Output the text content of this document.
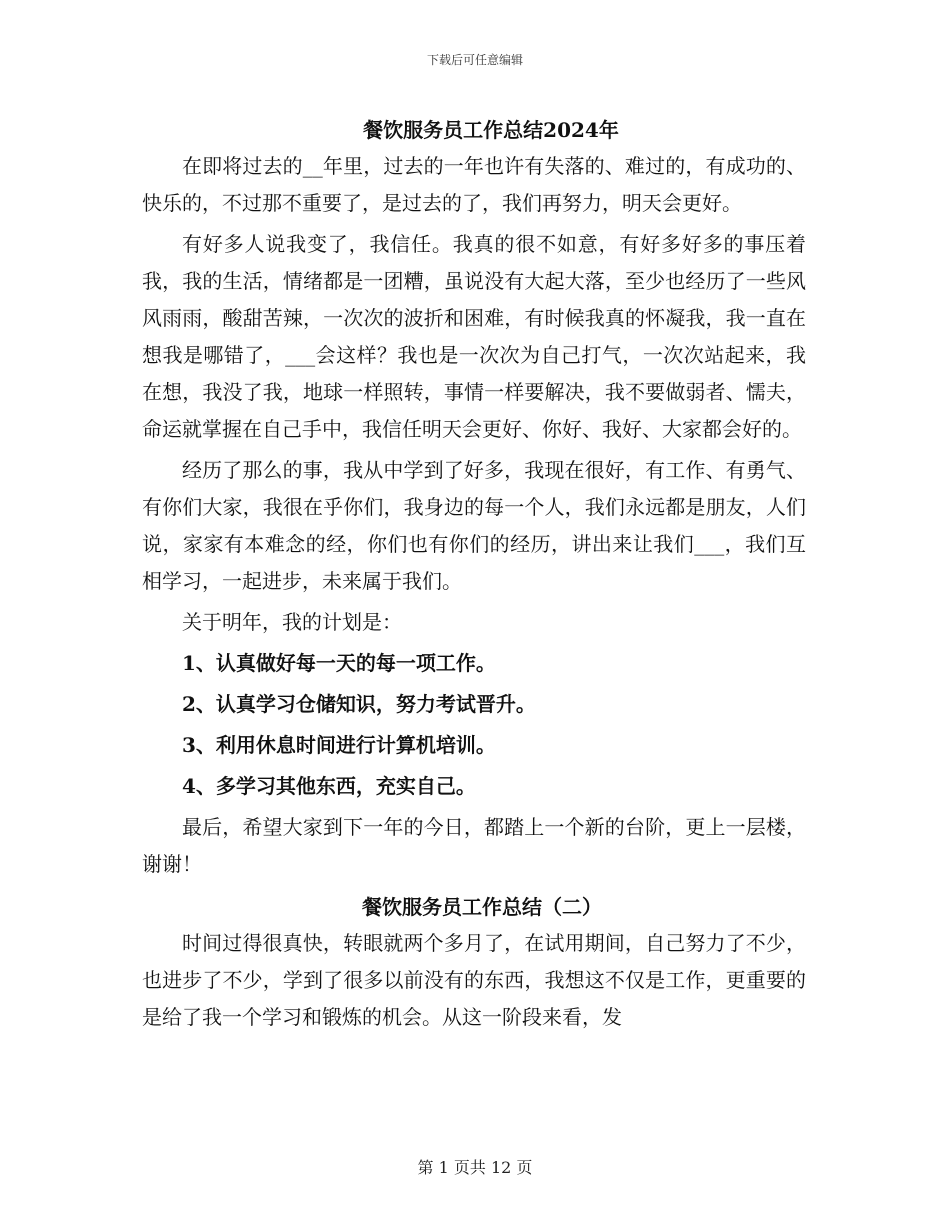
下载后可任意编辑
餐饮服务员工作总结2024年

在即将过去的__年里，过去的一年也许有失落的、难过的，有成功的、快乐的，不过那不重要了，是过去的了，我们再努力，明天会更好。

有好多人说我变了，我信任。我真的很不如意，有好多好多的事压着我，我的生活，情绪都是一团糟，虽说没有大起大落，至少也经历了一些风风雨雨，酸甜苦辣，一次次的波折和困难，有时候我真的怀凝我，我一直在想我是哪错了，___会这样？我也是一次次为自己打气，一次次站起来，我在想，我没了我，地球一样照转，事情一样要解决，我不要做弱者、懦夫，命运就掌握在自己手中，我信任明天会更好、你好、我好、大家都会好的。

经历了那么的事，我从中学到了好多，我现在很好，有工作、有勇气、有你们大家，我很在乎你们，我身边的每一个人，我们永远都是朋友，人们说，家家有本难念的经，你们也有你们的经历，讲出来让我们___，我们互相学习，一起进步，未来属于我们。

关于明年，我的计划是：

1、认真做好每一天的每一项工作。

2、认真学习仓储知识，努力考试晋升。

3、利用休息时间进行计算机培训。

4、多学习其他东西，充实自己。

最后，希望大家到下一年的今日，都踏上一个新的台阶，更上一层楼，谢谢！

餐饮服务员工作总结（二）

时间过得很真快，转眼就两个多月了，在试用期间，自己努力了不少，也进步了不少，学到了很多以前没有的东西，我想这不仅是工作，更重要的是给了我一个学习和锻炼的机会。从这一阶段来看，发

第 1 页共 12 页
